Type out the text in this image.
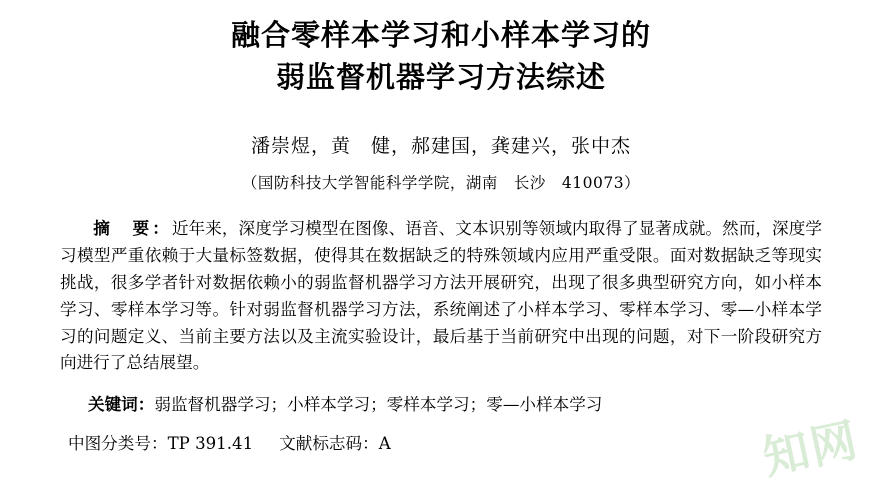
融合零样本学习和小样本学习的
弱监督机器学习方法综述
潘崇煜，黄　健，郝建国，龚建兴，张中杰
（国防科技大学智能科学学院，湖南　长沙　410073）

摘　要：近年来，深度学习模型在图像、语音、文本识别等领域内取得了显著成就。然而，深度学习模型严重依赖于大量标签数据，使得其在数据缺乏的特殊领域内应用严重受限。面对数据缺乏等现实挑战，很多学者针对数据依赖小的弱监督机器学习方法开展研究，出现了很多典型研究方向，如小样本学习、零样本学习等。针对弱监督机器学习方法，系统阐述了小样本学习、零样本学习、零—小样本学习的问题定义、当前主要方法以及主流实验设计，最后基于当前研究中出现的问题，对下一阶段研究方向进行了总结展望。

关键词：弱监督机器学习；小样本学习；零样本学习；零—小样本学习
中图分类号：TP 391.41 文献标志码：A	知网
